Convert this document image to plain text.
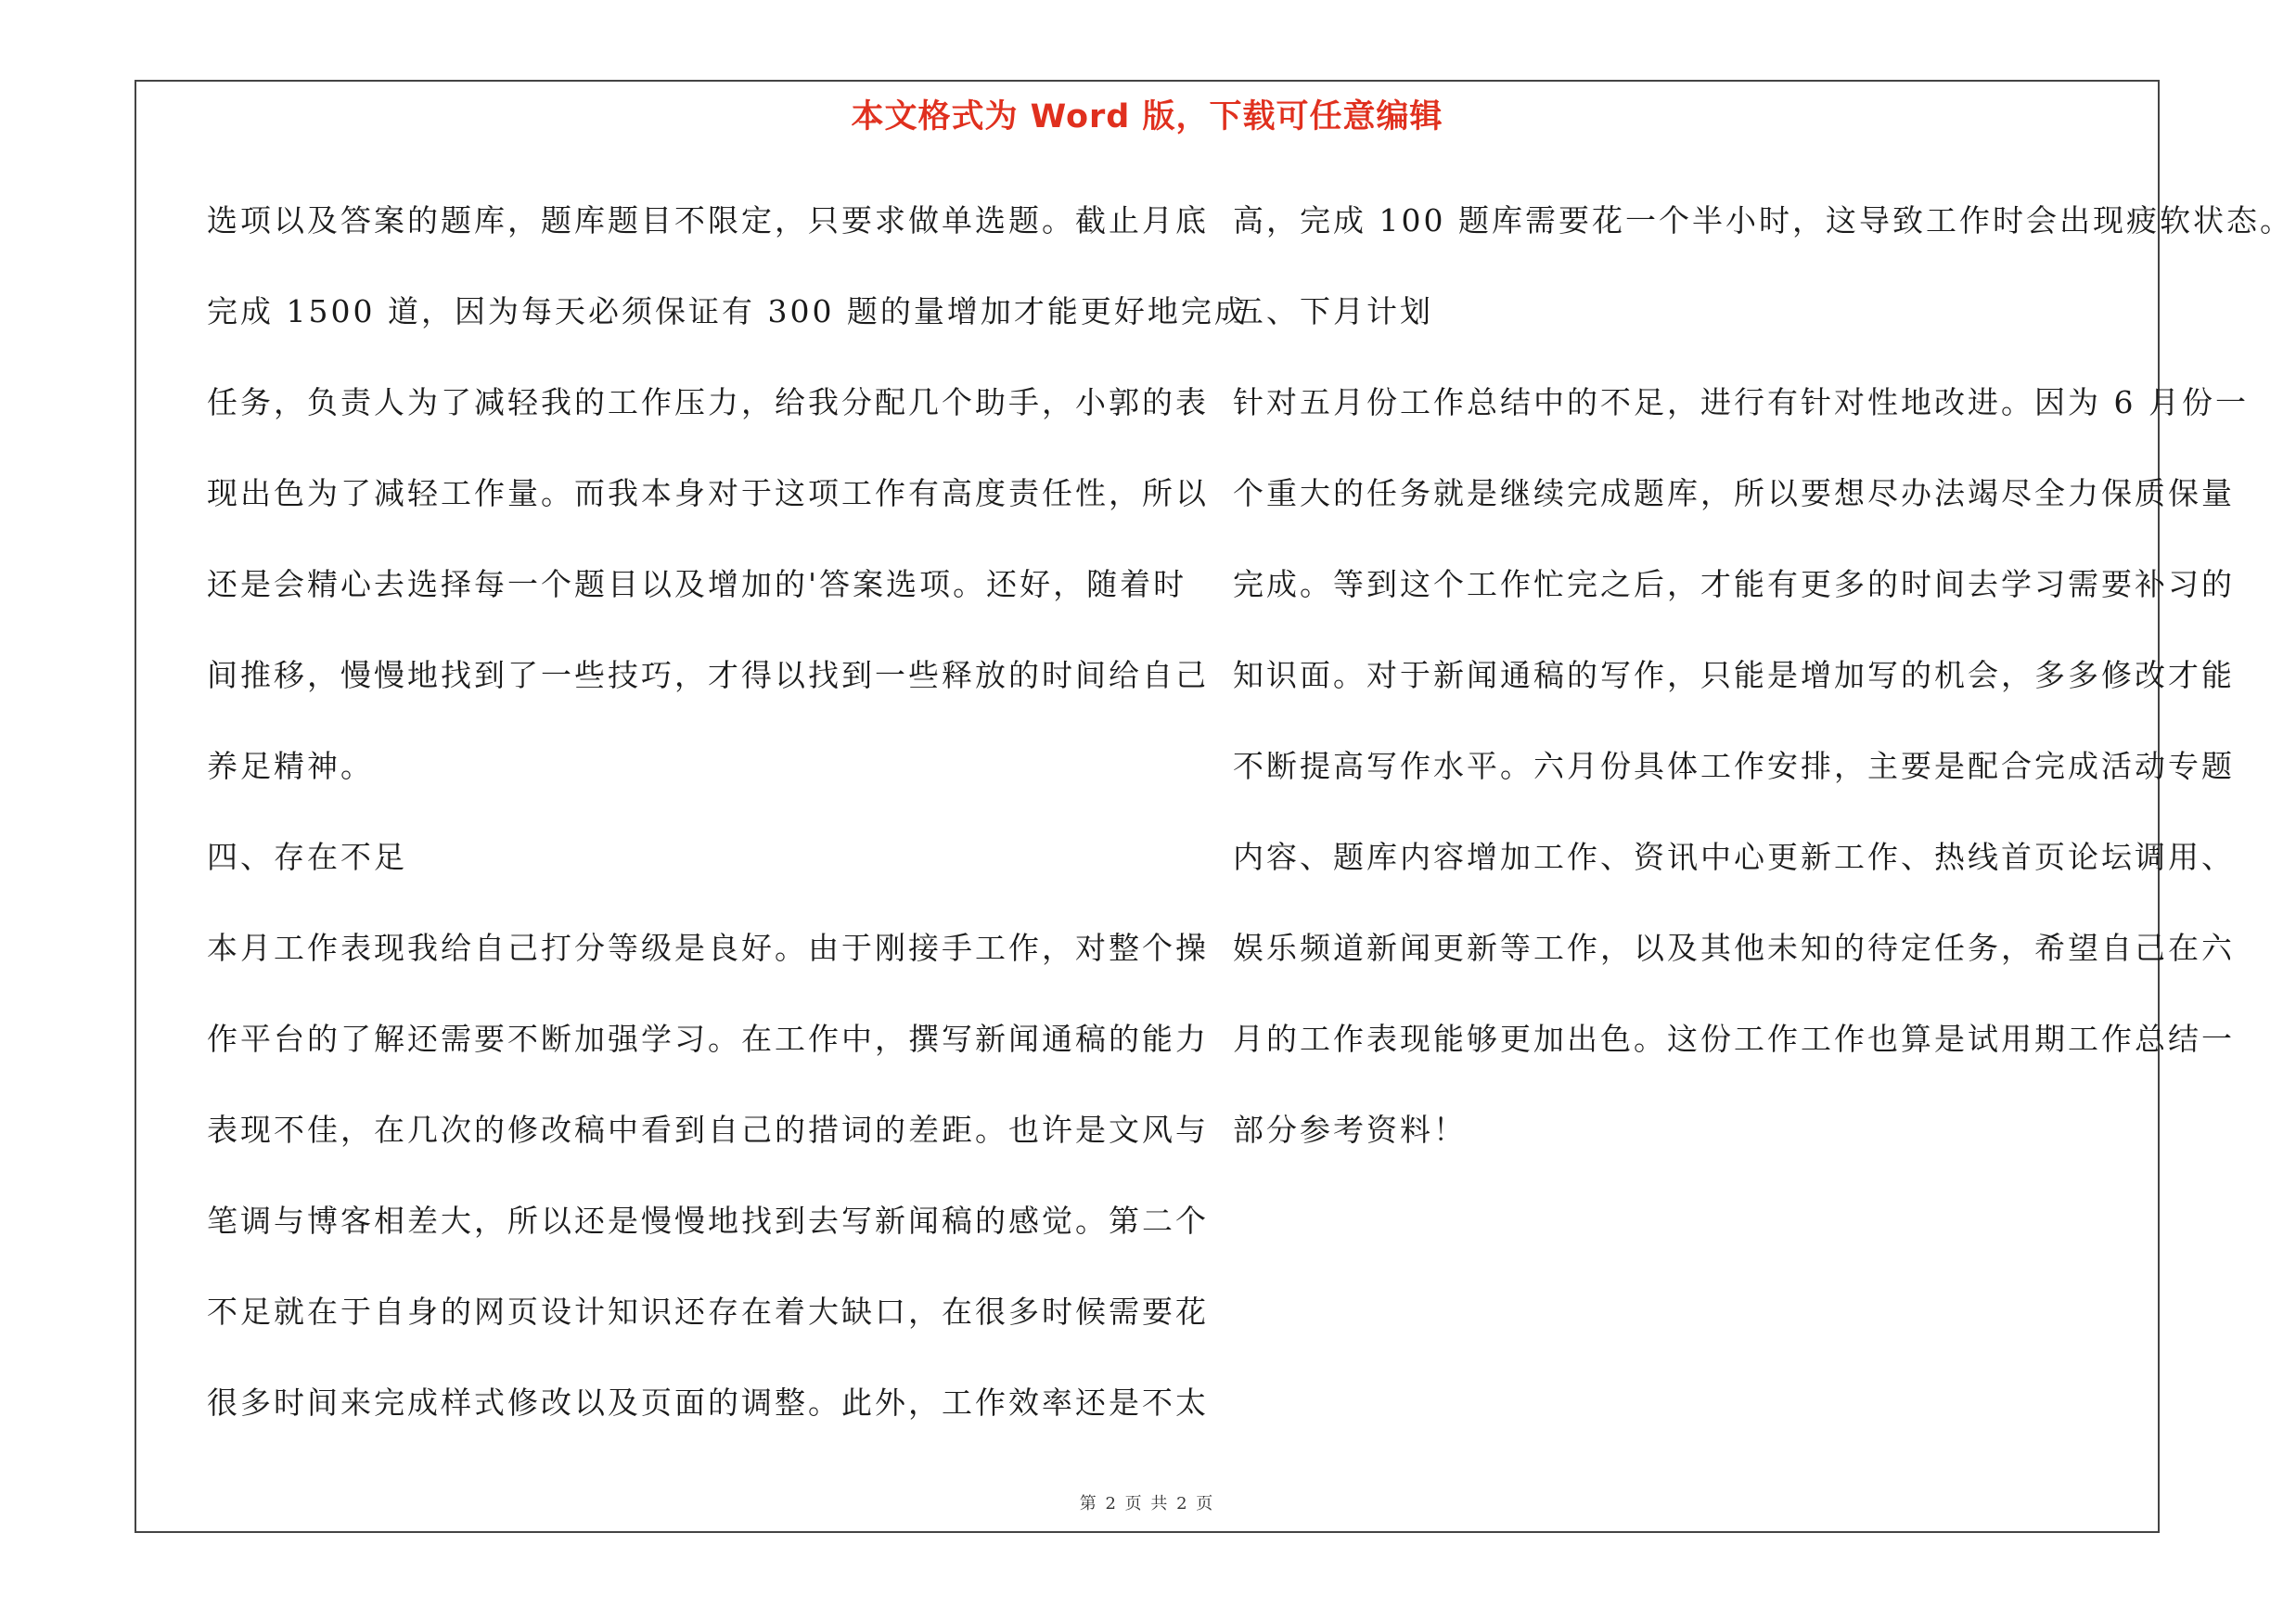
本文格式为 Word 版，下载可任意编辑
选项以及答案的题库，题库题目不限定，只要求做单选题。截止月底
完成 1500 道，因为每天必须保证有 300 题的量增加才能更好地完成
任务，负责人为了减轻我的工作压力，给我分配几个助手，小郭的表
现出色为了减轻工作量。而我本身对于这项工作有高度责任性，所以
还是会精心去选择每一个题目以及增加的'答案选项。还好，随着时
间推移，慢慢地找到了一些技巧，才得以找到一些释放的时间给自己
养足精神。
四、存在不足
本月工作表现我给自己打分等级是良好。由于刚接手工作，对整个操
作平台的了解还需要不断加强学习。在工作中，撰写新闻通稿的能力
表现不佳，在几次的修改稿中看到自己的措词的差距。也许是文风与
笔调与博客相差大，所以还是慢慢地找到去写新闻稿的感觉。第二个
不足就在于自身的网页设计知识还存在着大缺口，在很多时候需要花
很多时间来完成样式修改以及页面的调整。此外，工作效率还是不太
高，完成 100 题库需要花一个半小时，这导致工作时会出现疲软状态。
五、下月计划
针对五月份工作总结中的不足，进行有针对性地改进。因为 6 月份一
个重大的任务就是继续完成题库，所以要想尽办法竭尽全力保质保量
完成。等到这个工作忙完之后，才能有更多的时间去学习需要补习的
知识面。对于新闻通稿的写作，只能是增加写的机会，多多修改才能
不断提高写作水平。六月份具体工作安排，主要是配合完成活动专题
内容、题库内容增加工作、资讯中心更新工作、热线首页论坛调用、
娱乐频道新闻更新等工作，以及其他未知的待定任务，希望自己在六
月的工作表现能够更加出色。这份工作工作也算是试用期工作总结一
部分参考资料！
第 2 页 共 2 页
